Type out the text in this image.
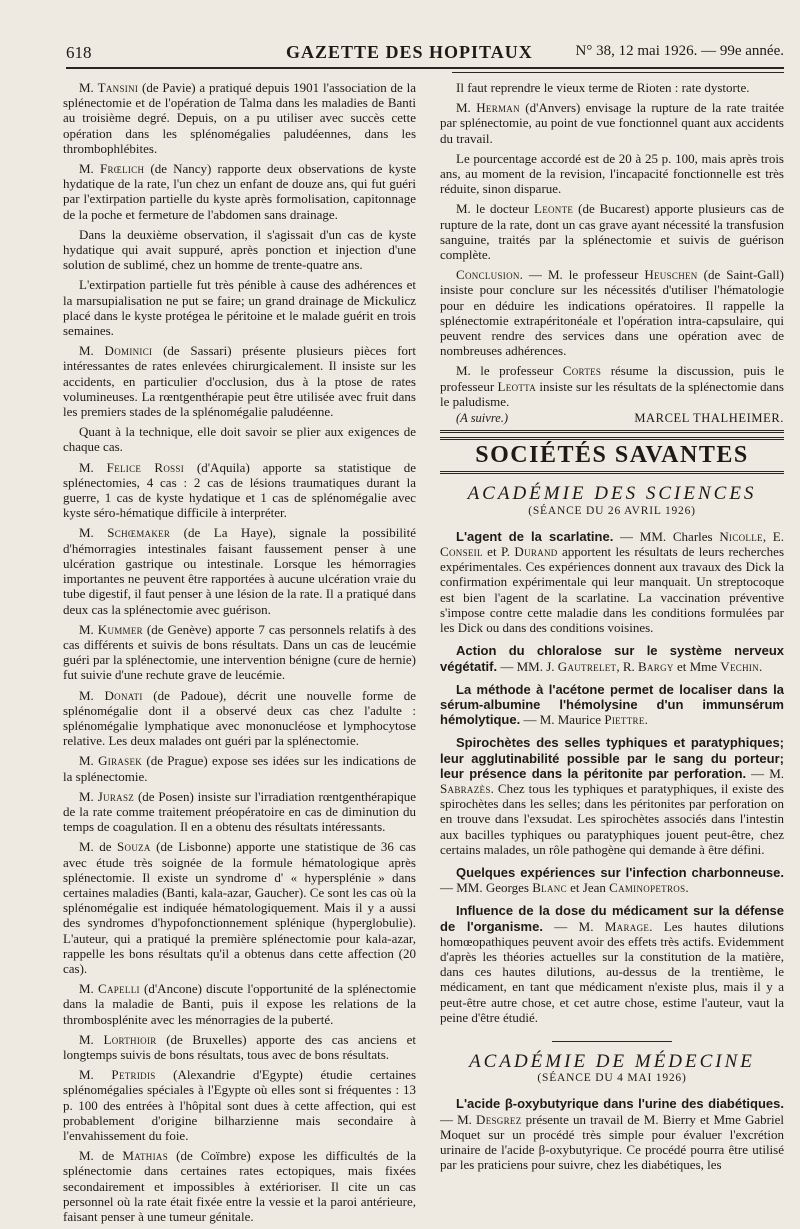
618	GAZETTE DES HOPITAUX	N° 38, 12 mai 1926. — 99e année.

M. Tansini (de Pavie) a pratiqué depuis 1901 l'association de la splénectomie et de l'opération de Talma dans les maladies de Banti au troisième degré. Depuis, on a pu utiliser avec succès cette opération dans les splénomégalies paludéennes, dans les thrombophlébites.

M. Frœlich (de Nancy) rapporte deux observations de kyste hydatique de la rate, l'un chez un enfant de douze ans, qui fut guéri par l'extirpation partielle du kyste après formolisation, capitonnage de la poche et fermeture de l'abdomen sans drainage.

Dans la deuxième observation, il s'agissait d'un cas de kyste hydatique qui avait suppuré, après ponction et injection d'une solution de sublimé, chez un homme de trente-quatre ans.

L'extirpation partielle fut très pénible à cause des adhérences et la marsupialisation ne put se faire; un grand drainage de Mickulicz placé dans le kyste protégea le péritoine et le malade guérit en trois semaines.

M. Dominici (de Sassari) présente plusieurs pièces fort intéressantes de rates enlevées chirurgicalement. Il insiste sur les accidents, en particulier d'occlusion, dus à la ptose de rates volumineuses. La rœntgenthérapie peut être utilisée avec fruit dans les premiers stades de la splénomégalie paludéenne.

Quant à la technique, elle doit savoir se plier aux exigences de chaque cas.

M. Felice Rossi (d'Aquila) apporte sa statistique de splénectomies, 4 cas : 2 cas de lésions traumatiques durant la guerre, 1 cas de kyste hydatique et 1 cas de splénomégalie avec kyste séro-hématique difficile à interpréter.

M. Schœmaker (de La Haye), signale la possibilité d'hémorragies intestinales faisant faussement penser à une ulcération gastrique ou intestinale. Lorsque les hémorragies importantes ne peuvent être rapportées à aucune ulcération vraie du tube digestif, il faut penser à une lésion de la rate. Il a pratiqué dans deux cas la splénectomie avec guérison.

M. Kummer (de Genève) apporte 7 cas personnels relatifs à des cas différents et suivis de bons résultats. Dans un cas de leucémie guéri par la splénectomie, une intervention bénigne (cure de hernie) fut suivie d'une rechute grave de leucémie.

M. Donati (de Padoue), décrit une nouvelle forme de splénomégalie dont il a observé deux cas chez l'adulte : splénomégalie lymphatique avec mononucléose et lymphocytose relative. Les deux malades ont guéri par la splénectomie.

M. Girasek (de Prague) expose ses idées sur les indications de la splénectomie.

M. Jurasz (de Posen) insiste sur l'irradiation rœntgenthérapique de la rate comme traitement préopératoire en cas de diminution du temps de coagulation. Il en a obtenu des résultats intéressants.

M. de Souza (de Lisbonne) apporte une statistique de 36 cas avec étude très soignée de la formule hématologique après splénectomie. Il existe un syndrome d' « hypersplénie » dans certaines maladies (Banti, kala-azar, Gaucher). Ce sont les cas où la splénomégalie est indiquée hématologiquement. Mais il y a aussi des syndromes d'hypofonctionnement splénique (hyperglobulie). L'auteur, qui a pratiqué la première splénectomie pour kala-azar, rappelle les bons résultats qu'il a obtenus dans cette affection (20 cas).

M. Capelli (d'Ancone) discute l'opportunité de la splénectomie dans la maladie de Banti, puis il expose les relations de la thrombosplénite avec les ménorragies de la puberté.

M. Lorthioir (de Bruxelles) apporte des cas anciens et longtemps suivis de bons résultats, tous avec de bons résultats.

M. Petridis (Alexandrie d'Egypte) étudie certaines splénomégalies spéciales à l'Egypte où elles sont si fréquentes : 13 p. 100 des entrées à l'hôpital sont dues à cette affection, qui est probablement d'origine bilharzienne mais secondaire à l'envahissement du foie.

M. de Mathias (de Coïmbre) expose les difficultés de la splénectomie dans certaines rates ectopiques, mais fixées secondairement et impossibles à extérioriser. Il cite un cas personnel où la rate était fixée entre la vessie et la paroi antérieure, faisant penser à une tumeur génitale.

Il faut reprendre le vieux terme de Rioten : rate dystorte.

M. Herman (d'Anvers) envisage la rupture de la rate traitée par splénectomie, au point de vue fonctionnel quant aux accidents du travail.

Le pourcentage accordé est de 20 à 25 p. 100, mais après trois ans, au moment de la revision, l'incapacité fonctionnelle est très réduite, sinon disparue.

M. le docteur Leonte (de Bucarest) apporte plusieurs cas de rupture de la rate, dont un cas grave ayant nécessité la transfusion sanguine, traités par la splénectomie et suivis de guérison complète.

Conclusion. — M. le professeur Heuschen (de Saint-Gall) insiste pour conclure sur les nécessités d'utiliser l'hématologie pour en déduire les indications opératoires. Il rappelle la splénectomie extrapéritonéale et l'opération intra-capsulaire, qui peuvent rendre des services dans une opération avec de nombreuses adhérences.

M. le professeur Cortes résume la discussion, puis le professeur Leotta insiste sur les résultats de la splénectomie dans le paludisme.

(A suivre.)	MARCEL THALHEIMER.
SOCIÉTÉS SAVANTES
ACADÉMIE DES SCIENCES
(SÉANCE DU 26 AVRIL 1926)

L'agent de la scarlatine. — MM. Charles Nicolle, E. Conseil et P. Durand apportent les résultats de leurs recherches expérimentales. Ces expériences donnent aux travaux des Dick la confirmation expérimentale qui leur manquait. Un streptocoque est bien l'agent de la scarlatine. La vaccination préventive s'impose contre cette maladie dans les conditions formulées par les Dick ou dans des conditions voisines.

Action du chloralose sur le système nerveux végétatif. — MM. J. Gautrelet, R. Bargy et Mme Vechin.

La méthode à l'acétone permet de localiser dans la sérum-albumine l'hémolysine d'un immunsérum hémolytique. — M. Maurice Piettre.

Spirochètes des selles typhiques et paratyphiques; leur agglutinabilité possible par le sang du porteur; leur présence dans la péritonite par perforation. — M. Sabrazès. Chez tous les typhiques et paratyphiques, il existe des spirochètes dans les selles; dans les péritonites par perforation on en trouve dans l'exsudat. Les spirochètes associés dans l'intestin aux bacilles typhiques ou paratyphiques jouent peut-être, chez certains malades, un rôle pathogène qui demande à être défini.

Quelques expériences sur l'infection charbonneuse. — MM. Georges Blanc et Jean Caminopetros.

Influence de la dose du médicament sur la défense de l'organisme. — M. Marage. Les hautes dilutions homœopathiques peuvent avoir des effets très actifs. Evidemment d'après les théories actuelles sur la constitution de la matière, dans ces hautes dilutions, au-dessus de la trentième, le médicament, en tant que médicament n'existe plus, mais il y a peut-être autre chose, et cet autre chose, estime l'auteur, vaut la peine d'être étudié.

ACADÉMIE DE MÉDECINE
(SÉANCE DU 4 MAI 1926)

L'acide β-oxybutyrique dans l'urine des diabétiques. — M. Desgrez présente un travail de M. Bierry et Mme Gabriel Moquet sur un procédé très simple pour évaluer l'excrétion urinaire de l'acide β-oxybutyrique. Ce procédé pourra être utilisé par les praticiens pour suivre, chez les diabétiques, les
